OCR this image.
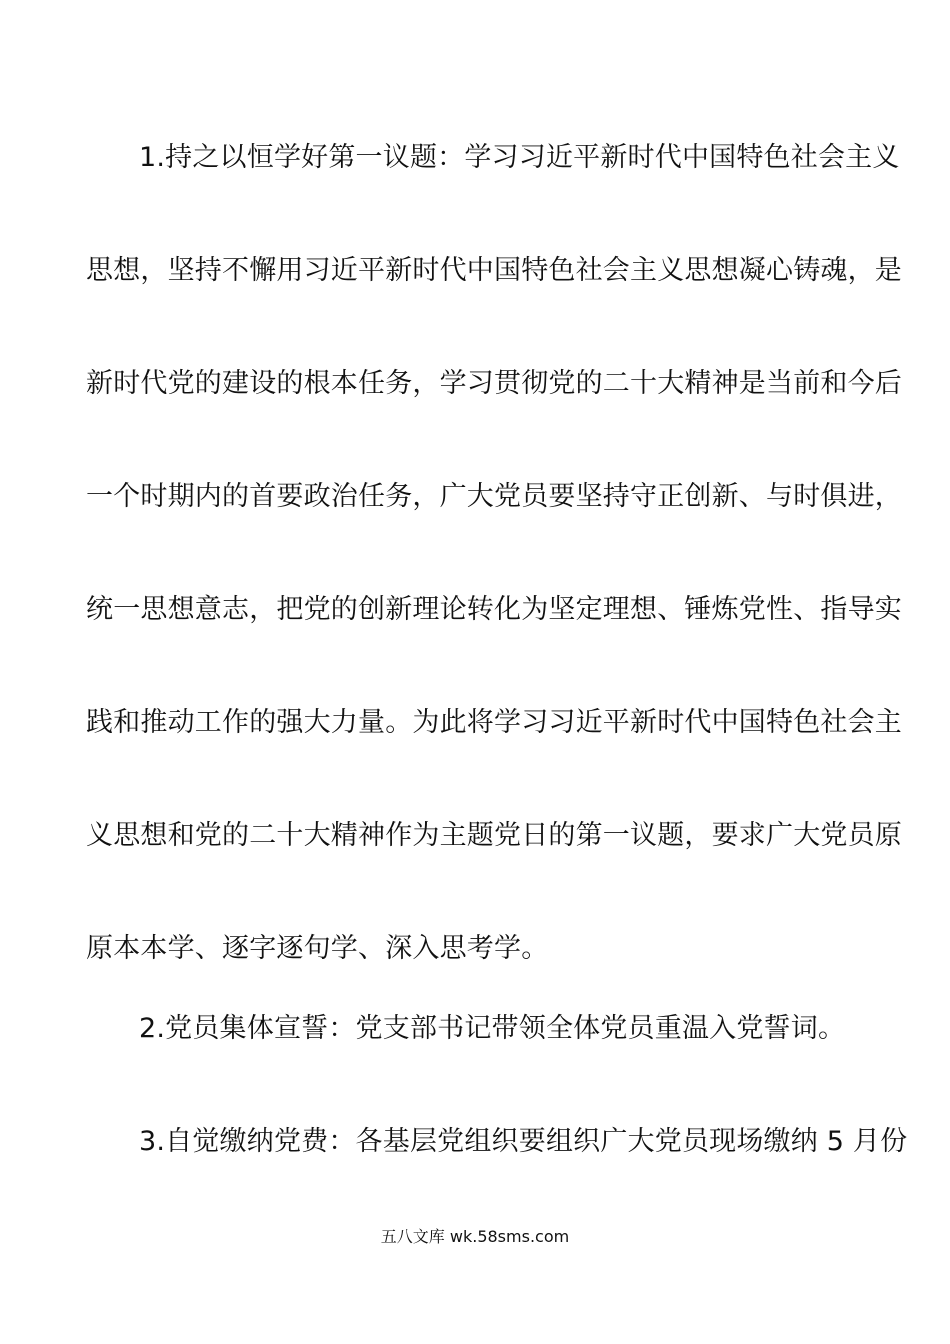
1.持之以恒学好第一议题：学习习近平新时代中国特色社会主义
思想，坚持不懈用习近平新时代中国特色社会主义思想凝心铸魂，是
新时代党的建设的根本任务，学习贯彻党的二十大精神是当前和今后
一个时期内的首要政治任务，广大党员要坚持守正创新、与时俱进，
统一思想意志，把党的创新理论转化为坚定理想、锤炼党性、指导实
践和推动工作的强大力量。为此将学习习近平新时代中国特色社会主
义思想和党的二十大精神作为主题党日的第一议题，要求广大党员原
原本本学、逐字逐句学、深入思考学。
2.党员集体宣誓：党支部书记带领全体党员重温入党誓词。
3.自觉缴纳党费：各基层党组织要组织广大党员现场缴纳 5 月份
五八文库 wk.58sms.com
